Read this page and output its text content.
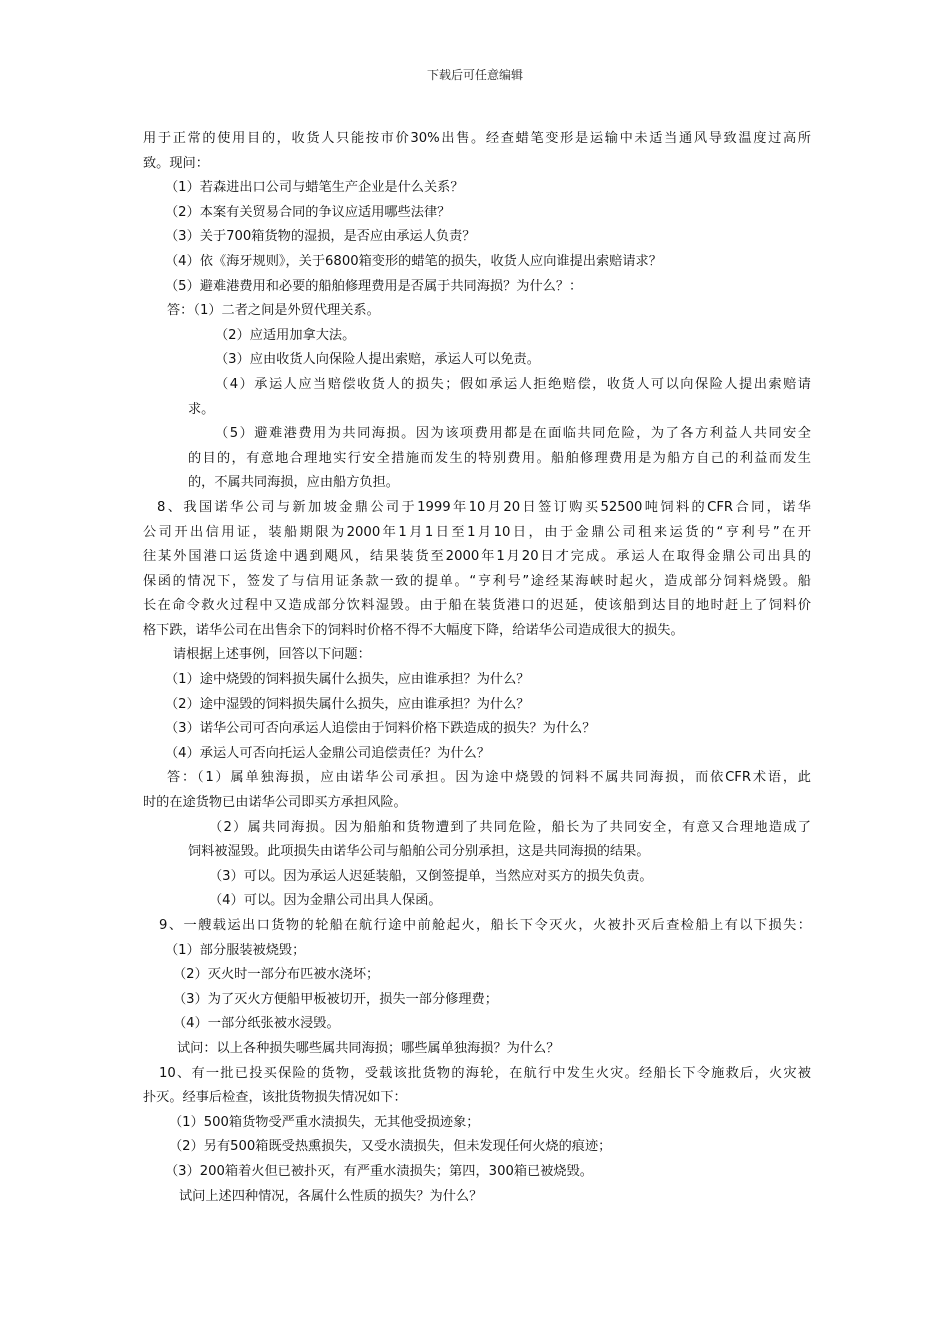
下载后可任意编辑
用于正常的使用目的，收货人只能按市价30%出售。经查蜡笔变形是运输中未适当通风导致温度过高所
致。现问：
（1）若森进出口公司与蜡笔生产企业是什么关系？
（2）本案有关贸易合同的争议应适用哪些法律？
（3）关于700箱货物的湿损，是否应由承运人负责？
（4）依《海牙规则》，关于6800箱变形的蜡笔的损失，收货人应向谁提出索赔请求？
（5）避难港费用和必要的船舶修理费用是否属于共同海损？为什么？：
答：（1）二者之间是外贸代理关系。
（2）应适用加拿大法。
（3）应由收货人向保险人提出索赔，承运人可以免责。
（4）承运人应当赔偿收货人的损失；假如承运人拒绝赔偿，收货人可以向保险人提出索赔请
求。
（5）避难港费用为共同海损。因为该项费用都是在面临共同危险，为了各方利益人共同安全
的目的，有意地合理地实行安全措施而发生的特别费用。船舶修理费用是为船方自己的利益而发生
的，不属共同海损，应由船方负担。
8、我国诺华公司与新加坡金鼎公司于1999年10月20日签订购买52500吨饲料的CFR合同，诺华
公司开出信用证，装船期限为2000年1月1日至1月10日，由于金鼎公司租来运货的“亨利号”在开
往某外国港口运货途中遇到飓风，结果装货至2000年1月20日才完成。承运人在取得金鼎公司出具的
保函的情况下，签发了与信用证条款一致的提单。“亨利号”途经某海峡时起火，造成部分饲料烧毁。船
长在命令救火过程中又造成部分饮料湿毁。由于船在装货港口的迟延，使该船到达目的地时赶上了饲料价
格下跌，诺华公司在出售余下的饲料时价格不得不大幅度下降，给诺华公司造成很大的损失。
请根据上述事例，回答以下问题：
（1）途中烧毁的饲料损失属什么损失，应由谁承担？为什么？
（2）途中湿毁的饲料损失属什么损失，应由谁承担？为什么？
（3）诺华公司可否向承运人追偿由于饲料价格下跌造成的损失？为什么？
（4）承运人可否向托运人金鼎公司追偿责任？为什么？
答：（1）属单独海损，应由诺华公司承担。因为途中烧毁的饲料不属共同海损，而依CFR术语，此
时的在途货物已由诺华公司即买方承担风险。
（2）属共同海损。因为船舶和货物遭到了共同危险，船长为了共同安全，有意又合理地造成了
饲料被湿毁。此项损失由诺华公司与船舶公司分别承担，这是共同海损的结果。
（3）可以。因为承运人迟延装船，又倒签提单，当然应对买方的损失负责。
（4）可以。因为金鼎公司出具人保函。
9、一艘载运出口货物的轮船在航行途中前舱起火，船长下令灭火，火被扑灭后查检船上有以下损失：
（1）部分服装被烧毁；
（2）灭火时一部分布匹被水浇坏；
（3）为了灭火方便船甲板被切开，损失一部分修理费；
（4）一部分纸张被水浸毁。
试问：以上各种损失哪些属共同海损；哪些属单独海损？为什么？
10、有一批已投买保险的货物，受载该批货物的海轮，在航行中发生火灾。经船长下令施救后，火灾被
扑灭。经事后检查，该批货物损失情况如下：
（1）500箱货物受严重水渍损失，无其他受损迹象；
（2）另有500箱既受热熏损失，又受水渍损失，但未发现任何火烧的痕迹；
（3）200箱着火但已被扑灭，有严重水渍损失；第四，300箱已被烧毁。
试问上述四种情况，各属什么性质的损失？为什么？
